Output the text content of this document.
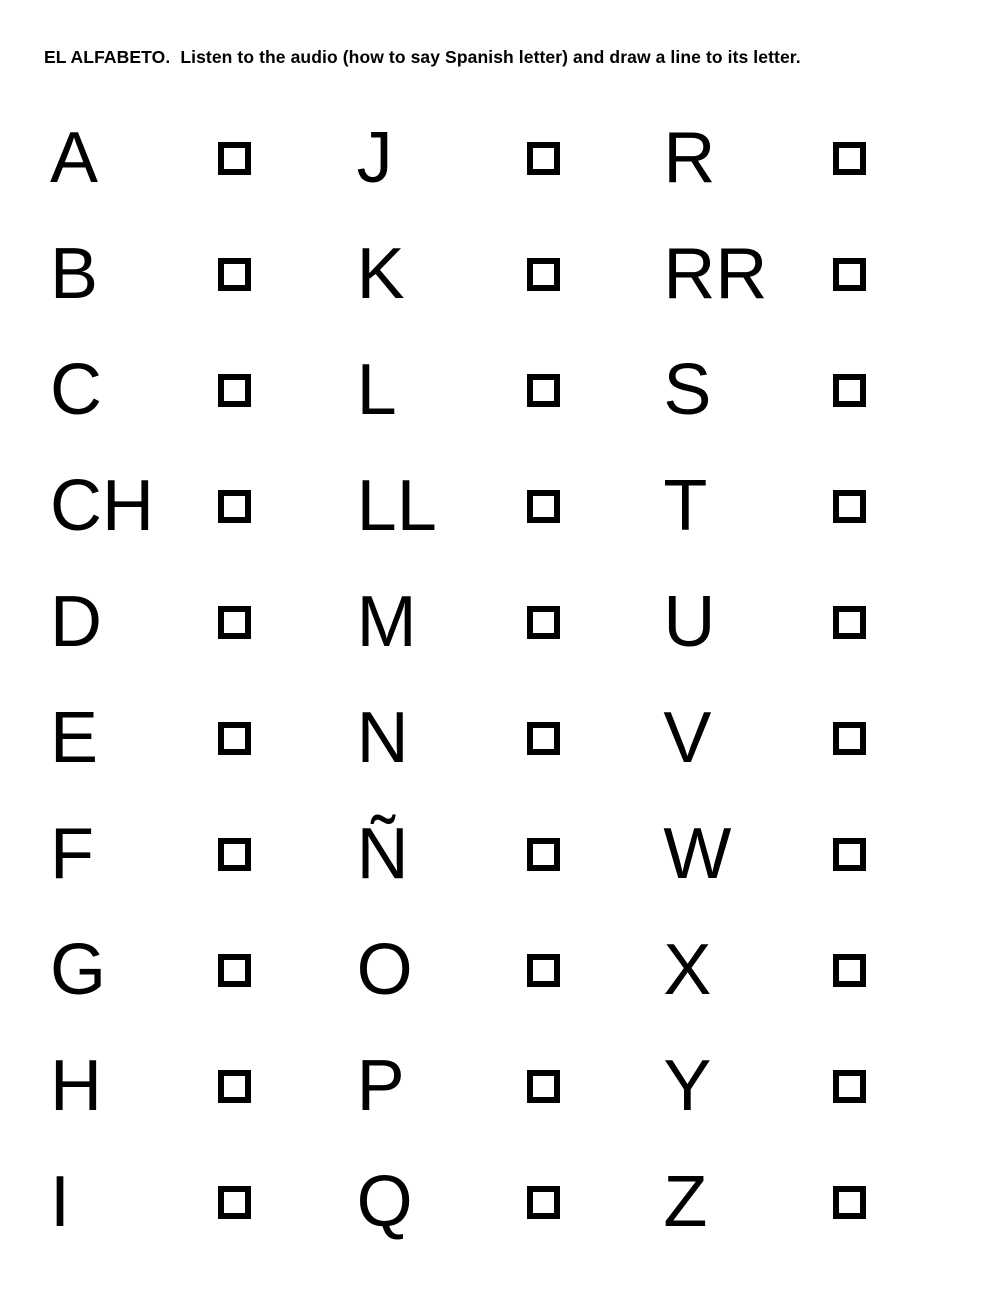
EL ALFABETO. Listen to the audio (how to say Spanish letter) and draw a line to its letter.
A	J	R
B	K	RR
C	L	S
CH	LL	T
D	M	U
E	N	V
F	Ñ	W
G	O	X
H	P	Y
I	Q	Z
